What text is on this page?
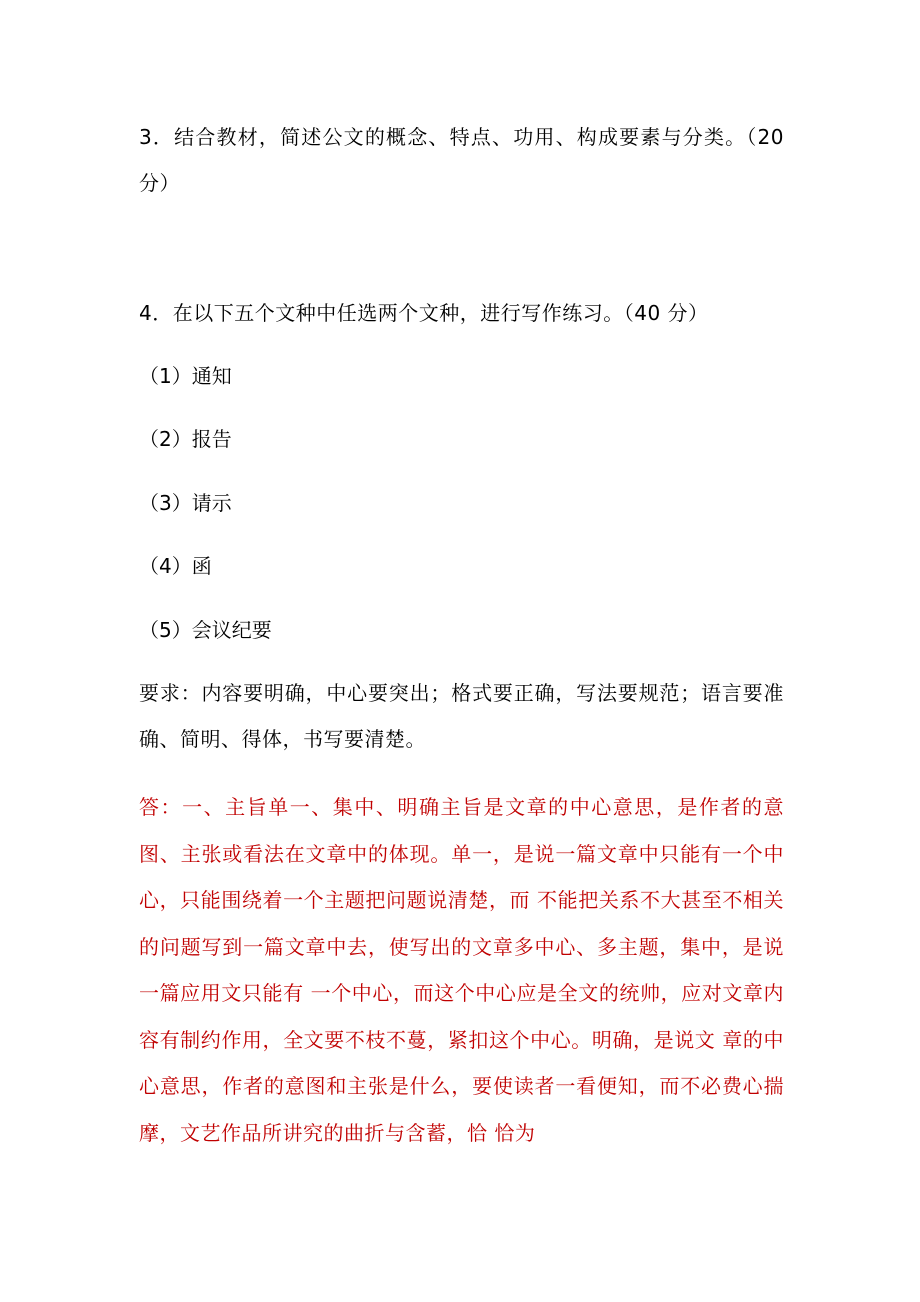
3．结合教材，简述公文的概念、特点、功用、构成要素与分类。（20分）

4．在以下五个文种中任选两个文种，进行写作练习。（40 分）

（1）通知

（2）报告

（3）请示

（4）函

（5）会议纪要

要求：内容要明确，中心要突出；格式要正确，写法要规范；语言要准确、简明、得体，书写要清楚。

答：一、主旨单一、集中、明确主旨是文章的中心意思，是作者的意图、主张或看法在文章中的体现。单一，是说一篇文章中只能有一个中心，只能围绕着一个主题把问题说清楚，而 不能把关系不大甚至不相关的问题写到一篇文章中去，使写出的文章多中心、多主题，集中，是说一篇应用文只能有 一个中心，而这个中心应是全文的统帅，应对文章内容有制约作用，全文要不枝不蔓，紧扣这个中心。明确，是说文 章的中心意思，作者的意图和主张是什么，要使读者一看便知，而不必费心揣摩，文艺作品所讲究的曲折与含蓄，恰 恰为
